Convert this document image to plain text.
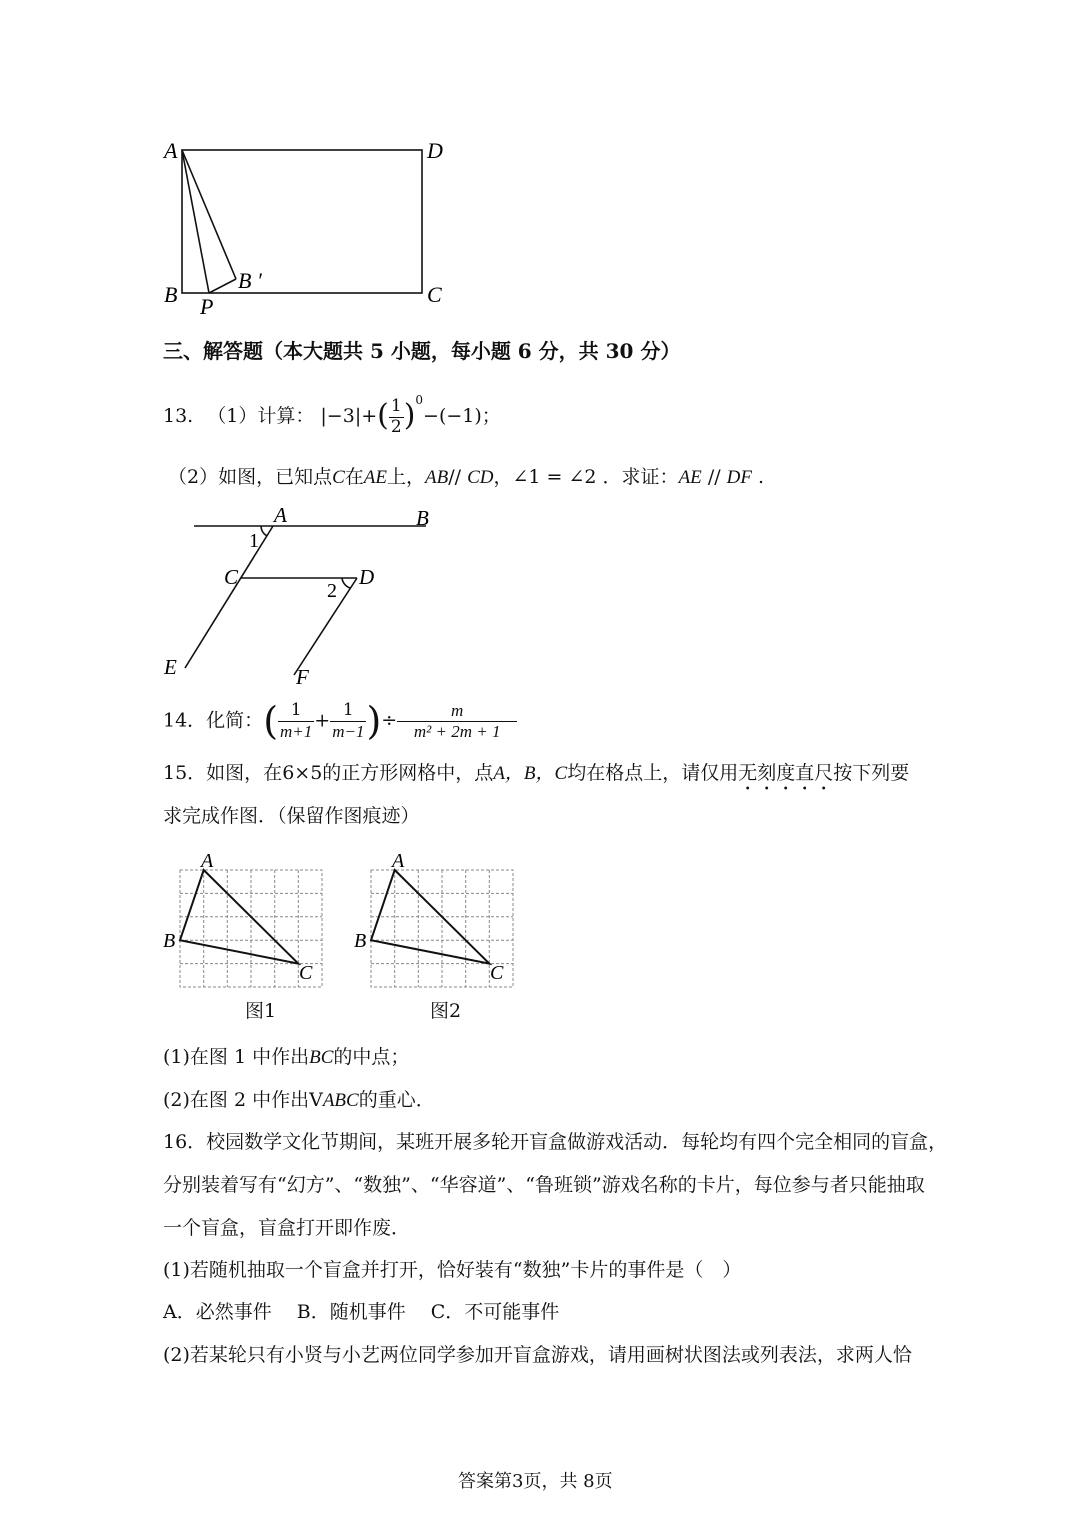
A	D
B	C
P
B ′
三、解答题（本大题共 5 小题，每小题 6 分，共 30 分）
13. （1）计算： $|-3|+( \frac{1}{2} )^0-(-1)$；
（2）如图，已知点C在AE上，AB// CD，∠1 = ∠2 ．求证：AE // DF .
A	B
1
C	D
2
E	F
14．化简：( $\frac{1}{m+1} + \frac{1}{m-1}$ )÷ $\frac{m}{\text{m² + 2m + 1}}$
15．如图，在6×5的正方形网格中，点A，B，C均在格点上，请仅用无刻度直尺按下列要
求完成作图．（保留作图痕迹）
A
B
C
图1
A
B
C
图2
(1)在图 1 中作出BC的中点；
(2)在图 2 中作出VABC的重心．
16．校园数学文化节期间，某班开展多轮开盲盒做游戏活动．每轮均有四个完全相同的盲盒，
分别装着写有“幻方”、“数独”、“华容道”、“鲁班锁”游戏名称的卡片，每位参与者只能抽取
一个盲盒，盲盒打开即作废．
(1)若随机抽取一个盲盒并打开，恰好装有“数独”卡片的事件是（　）
A．必然事件　 B．随机事件　 C．不可能事件
(2)若某轮只有小贤与小艺两位同学参加开盲盒游戏，请用画树状图法或列表法，求两人恰
答案第3页，共 8页
